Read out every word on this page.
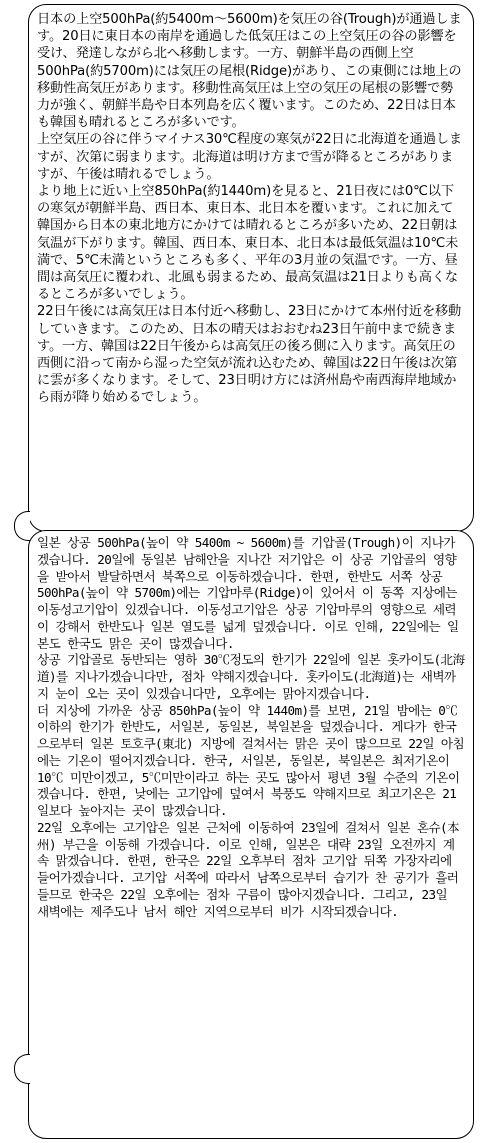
日本の上空500hPa(約5400m～5600m)を気圧の谷(Trough)が通過します。20日に東日本の南岸を通過した低気圧はこの上空気圧の谷の影響を受け、発達しながら北へ移動します。一方、朝鮮半島の西側上空500hPa(約5700m)には気圧の尾根(Ridge)があり、この東側には地上の移動性高気圧があります。移動性高気圧は上空の気圧の尾根の影響で勢力が強く、朝鮮半島や日本列島を広く覆います。このため、22日は日本も韓国も晴れるところが多いです。

上空気圧の谷に伴うマイナス30℃程度の寒気が22日に北海道を通過しますが、次第に弱まります。北海道は明け方まで雪が降るところがありますが、午後は晴れるでしょう。

より地上に近い上空850hPa(約1440m)を見ると、21日夜には0℃以下の寒気が朝鮮半島、西日本、東日本、北日本を覆います。これに加えて韓国から日本の東北地方にかけては晴れるところが多いため、22日朝は気温が下がります。韓国、西日本、東日本、北日本は最低気温は10℃未満で、5℃未満というところも多く、平年の3月並の気温です。一方、昼間は高気圧に覆われ、北風も弱まるため、最高気温は21日よりも高くなるところが多いでしょう。

22日午後には高気圧は日本付近へ移動し、23日にかけて本州付近を移動していきます。このため、日本の晴天はおおむね23日午前中まで続きます。一方、韓国は22日午後からは高気圧の後ろ側に入ります。高気圧の西側に沿って南から湿った空気が流れ込むため、韓国は22日午後は次第に雲が多くなります。そして、23日明け方には済州島や南西海岸地域から雨が降り始めるでしょう。

일본 상공 500hPa(높이 약 5400m ~ 5600m)를 기압골(Trough)이 지나가겠습니다. 20일에 동일본 남해안을 지나간 저기압은 이 상공 기압골의 영향을 받아서 발달하면서 북쪽으로 이동하겠습니다. 한편, 한반도 서쪽 상공 500hPa(높이 약 5700m)에는 기압마루(Ridge)이 있어서 이 동쪽 지상에는 이동성고기압이 있겠습니다. 이동성고기압은 상공 기압마루의 영향으로 세력이 강해서 한반도나 일본 열도를 넓게 덮겠습니다. 이로 인해, 22일에는 일본도 한국도 맑은 곳이 많겠습니다.

상공 기압골로 동반되는 영하 30℃정도의 한기가 22일에 일본 홋카이도(北海道)를 지나가겠습니다만, 점차 약해지겠습니다. 홋카이도(北海道)는 새벽까지 눈이 오는 곳이 있겠습니다만, 오후에는 맑아지겠습니다.

더 지상에 가까운 상공 850hPa(높이 약 1440m)를 보면, 21일 밤에는 0℃이하의 한기가 한반도, 서일본, 동일본, 북일본을 덮겠습니다. 게다가 한국으로부터 일본 토호쿠(東北) 지방에 걸쳐서는 맑은 곳이 많으므로 22일 아침에는 기온이 떨어지겠습니다. 한국, 서일본, 동일본, 북일본은 최저기온이 10℃ 미만이겠고, 5℃미만이라고 하는 곳도 많아서 평년 3월 수준의 기온이겠습니다. 한편, 낮에는 고기압에 덮여서 북풍도 약해지므로 최고기온은 21일보다 높아지는 곳이 많겠습니다.

22일 오후에는 고기압은 일본 근처에 이동하여 23일에 걸쳐서 일본 혼슈(本州) 부근을 이동해 가겠습니다. 이로 인해, 일본은 대략 23일 오전까지 계속 맑겠습니다. 한편, 한국은 22일 오후부터 점차 고기압 뒤쪽 가장자리에 들어가겠습니다. 고기압 서쪽에 따라서 남쪽으로부터 습기가 찬 공기가 흘러 들므로 한국은 22일 오후에는 점차 구름이 많아지겠습니다. 그리고, 23일 새벽에는 제주도나 남서 해안 지역으로부터 비가 시작되겠습니다.
